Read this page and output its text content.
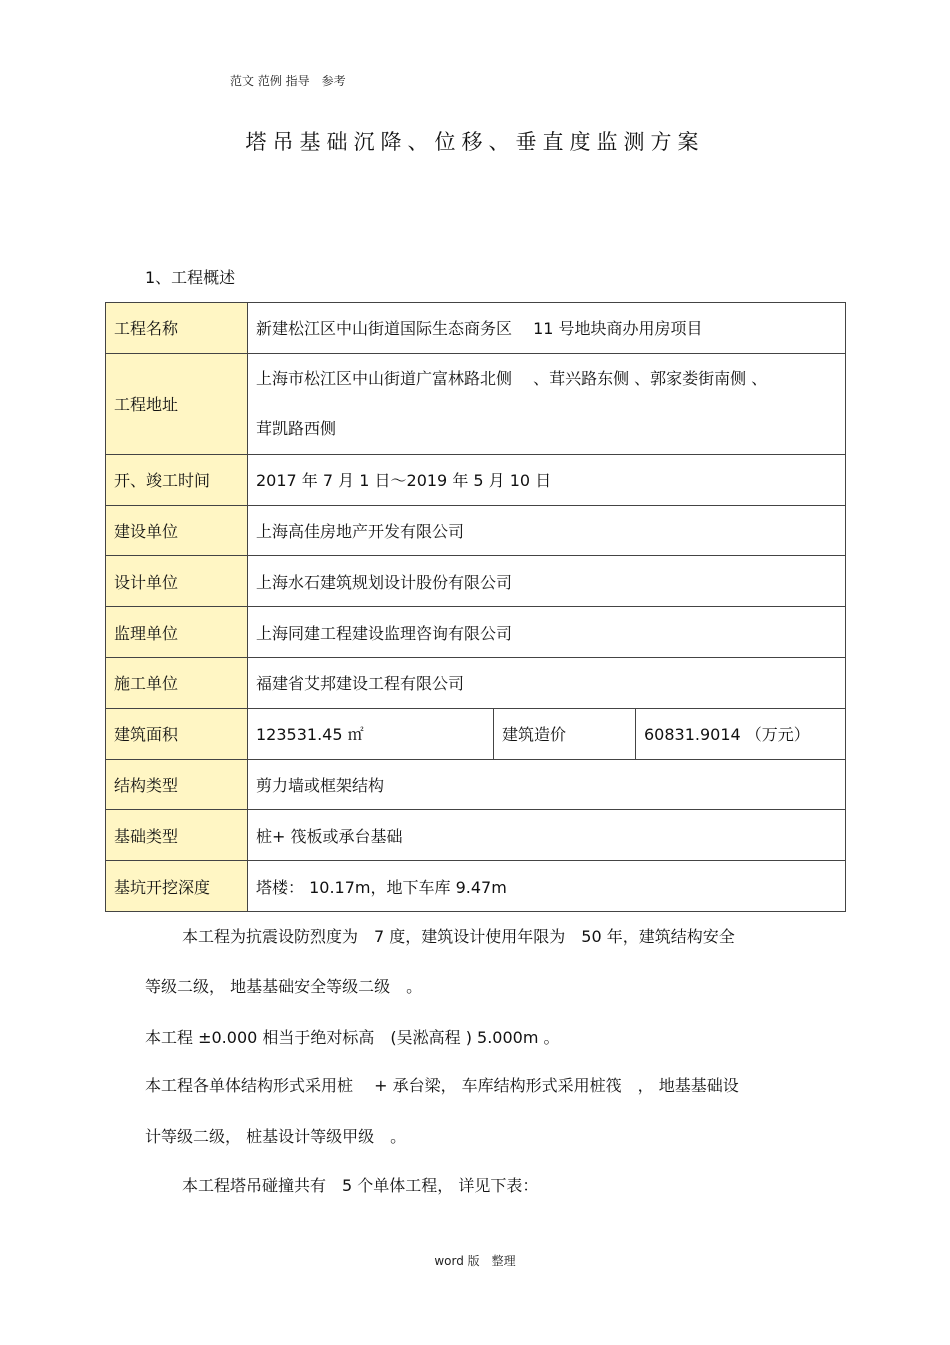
范文 范例 指导　参考
塔吊基础沉降、位移、垂直度监测方案
1、工程概述
工程名称	新建松江区中山街道国际生态商务区　 11 号地块商办用房项目		
工程地址	上海市松江区中山街道广富林路北侧　 、茸兴路东侧 、郭家娄街南侧 、
茸凯路西侧		

开、竣工时间	2017 年 7 月 1 日～2019 年 5 月 10 日		
建设单位	上海高佳房地产开发有限公司		
设计单位	上海水石建筑规划设计股份有限公司		
监理单位	上海同建工程建设监理咨询有限公司		
施工单位	福建省艾邦建设工程有限公司		
建筑面积	123531.45 ㎡	建筑造价	60831.9014 （万元）
结构类型	剪力墙或框架结构		
基础类型	桩+ 筏板或承台基础		
基坑开挖深度	塔楼： 10.17m，地下车库 9.47m		
本工程为抗震设防烈度为　7 度，建筑设计使用年限为　50 年，建筑结构安全
等级二级， 地基基础安全等级二级　。
本工程 ±0.000 相当于绝对标高　(吴淞高程 ) 5.000m 。
本工程各单体结构形式采用桩　 + 承台梁， 车库结构形式采用桩筏　， 地基基础设
计等级二级， 桩基设计等级甲级　。
本工程塔吊碰撞共有　5 个单体工程， 详见下表：
word 版　整理
